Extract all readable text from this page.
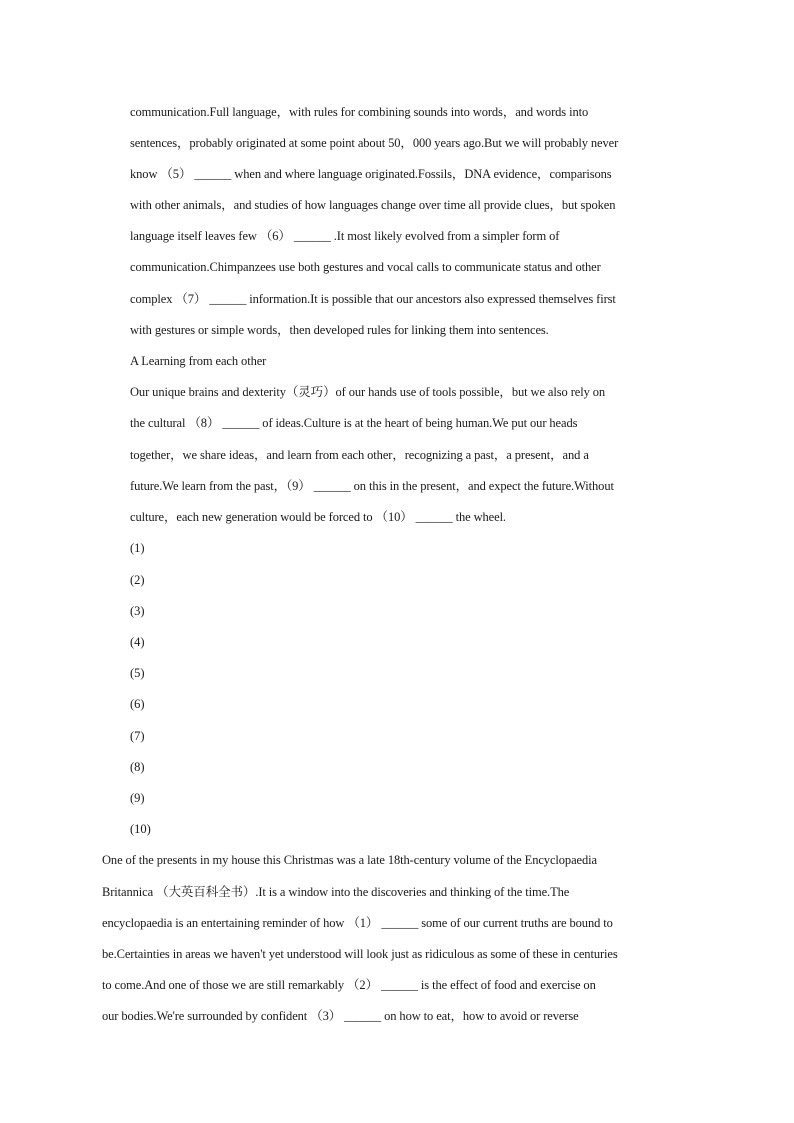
communication.Full language，with rules for combining sounds into words，and words into
sentences，probably originated at some point about 50，000 years ago.But we will probably never
know （5） ______ when and where language originated.Fossils，DNA evidence，comparisons
with other animals，and studies of how languages change over time all provide clues，but spoken
language itself leaves few （6） ______ .It most likely evolved from a simpler form of
communication.Chimpanzees use both gestures and vocal calls to communicate status and other
complex （7） ______ information.It is possible that our ancestors also expressed themselves first
with gestures or simple words，then developed rules for linking them into sentences.
A Learning from each other
Our unique brains and dexterity（灵巧）of our hands use of tools possible，but we also rely on
the cultural （8） ______ of ideas.Culture is at the heart of being human.We put our heads
together，we share ideas，and learn from each other，recognizing a past，a present，and a
future.We learn from the past，（9） ______ on this in the present，and expect the future.Without
culture，each new generation would be forced to （10） ______ the wheel.
(1)
(2)
(3)
(4)
(5)
(6)
(7)
(8)
(9)
(10)
One of the presents in my house this Christmas was a late 18th-century volume of the Encyclopaedia
Britannica （大英百科全书）.It is a window into the discoveries and thinking of the time.The
encyclopaedia is an entertaining reminder of how （1） ______ some of our current truths are bound to
be.Certainties in areas we haven't yet understood will look just as ridiculous as some of these in centuries
to come.And one of those we are still remarkably （2） ______ is the effect of food and exercise on
our bodies.We're surrounded by confident （3） ______ on how to eat，how to avoid or reverse
